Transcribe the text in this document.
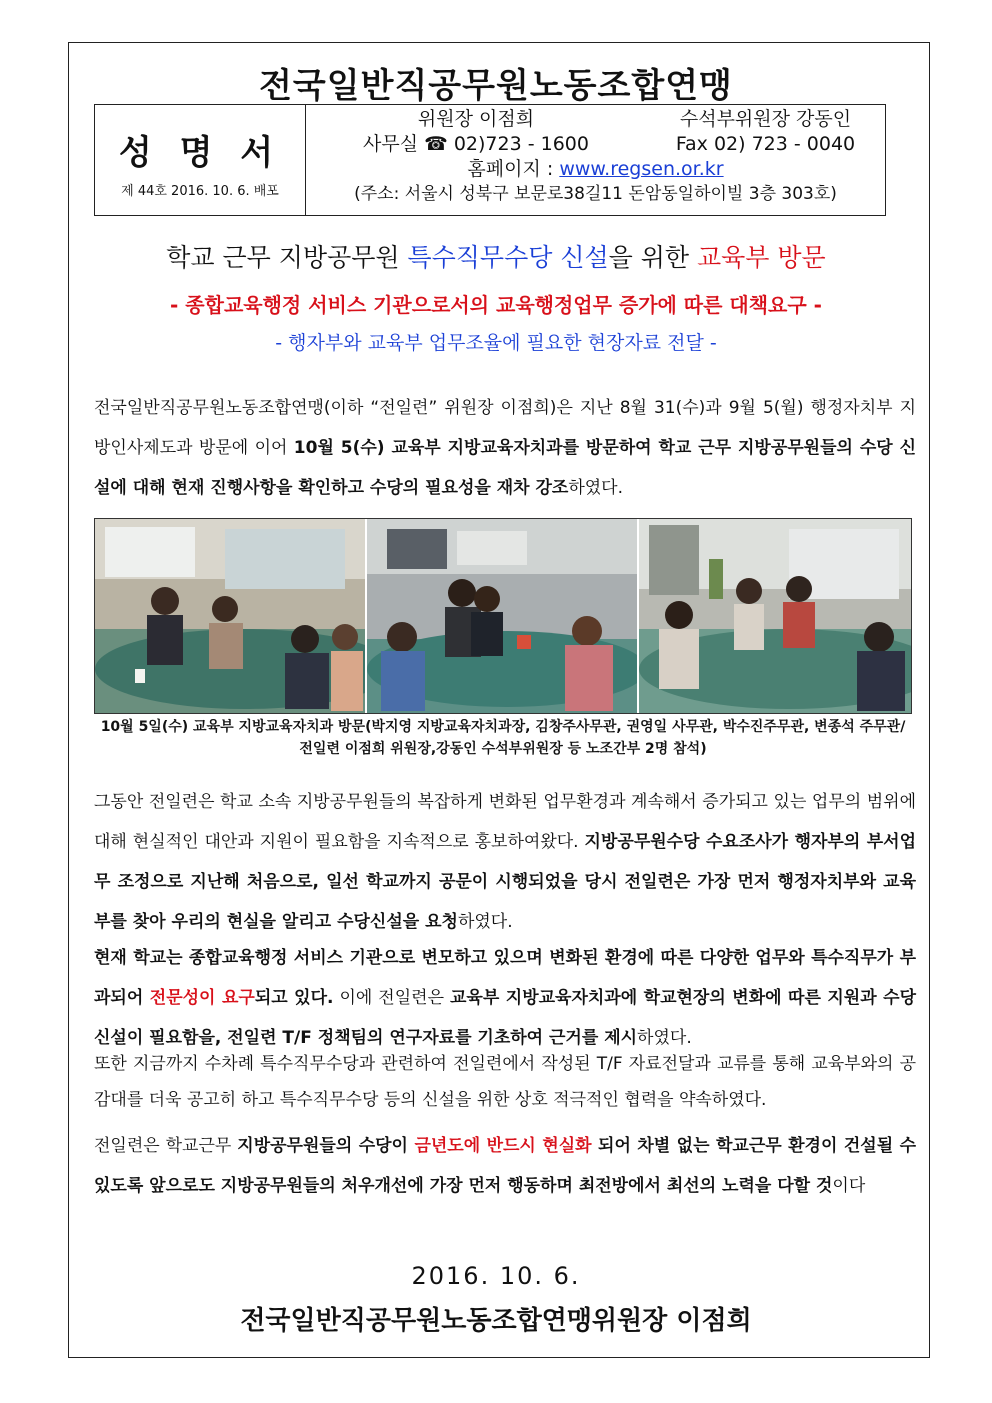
전국일반직공무원노동조합연맹
성 명 서
제 44호 2016. 10. 6. 배포
위원장 이점희	수석부위원장 강동인
사무실 ☎ 02)723 - 1600	Fax 02) 723 - 0040
홈페이지 : www.regsen.or.kr
(주소: 서울시 성북구 보문로38길11 돈암동일하이빌 3층 303호)
학교 근무 지방공무원 특수직무수당 신설을 위한 교육부 방문
- 종합교육행정 서비스 기관으로서의 교육행정업무 증가에 따른 대책요구 -
- 행자부와 교육부 업무조율에 필요한 현장자료 전달 -
전국일반직공무원노동조합연맹(이하 “전일련” 위원장 이점희)은 지난 8월 31(수)과 9월 5(월) 행정자치부 지방인사제도과 방문에 이어 10월 5(수) 교육부 지방교육자치과를 방문하여 학교 근무 지방공무원들의 수당 신설에 대해 현재 진행사항을 확인하고 수당의 필요성을 재차 강조하였다.
10월 5일(수) 교육부 지방교육자치과 방문(박지영 지방교육자치과장, 김창주사무관, 권영일 사무관, 박수진주무관, 변종석 주무관/ 전일련 이점희 위원장,강동인 수석부위원장 등 노조간부 2명 참석)
그동안 전일련은 학교 소속 지방공무원들의 복잡하게 변화된 업무환경과 계속해서 증가되고 있는 업무의 범위에 대해 현실적인 대안과 지원이 필요함을 지속적으로 홍보하여왔다. 지방공무원수당 수요조사가 행자부의 부서업무 조정으로 지난해 처음으로, 일선 학교까지 공문이 시행되었을 당시 전일련은 가장 먼저 행정자치부와 교육부를 찾아 우리의 현실을 알리고 수당신설을 요청하였다.
현재 학교는 종합교육행정 서비스 기관으로 변모하고 있으며 변화된 환경에 따른 다양한 업무와 특수직무가 부과되어 전문성이 요구되고 있다. 이에 전일련은 교육부 지방교육자치과에 학교현장의 변화에 따른 지원과 수당신설이 필요함을, 전일련 T/F 정책팀의 연구자료를 기초하여 근거를 제시하였다.
또한 지금까지 수차례 특수직무수당과 관련하여 전일련에서 작성된 T/F 자료전달과 교류를 통해 교육부와의 공감대를 더욱 공고히 하고 특수직무수당 등의 신설을 위한 상호 적극적인 협력을 약속하였다.
전일련은 학교근무 지방공무원들의 수당이 금년도에 반드시 현실화 되어 차별 없는 학교근무 환경이 건설될 수 있도록 앞으로도 지방공무원들의 처우개선에 가장 먼저 행동하며 최전방에서 최선의 노력을 다할 것이다
2016. 10. 6.
전국일반직공무원노동조합연맹위원장 이점희
